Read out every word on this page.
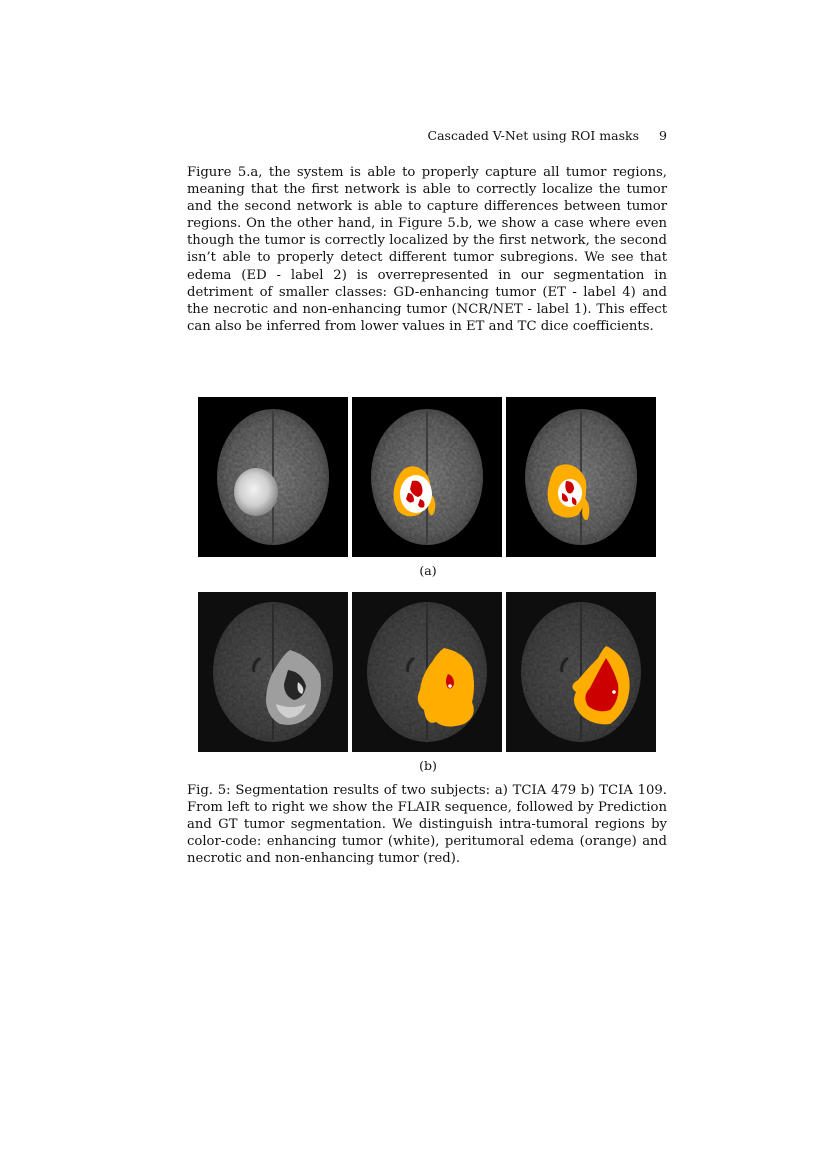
Cascaded V-Net using ROI masks 9

Figure 5.a, the system is able to properly capture all tumor regions, meaning that the first network is able to correctly localize the tumor and the second network is able to capture differences between tumor regions. On the other hand, in Figure 5.b, we show a case where even though the tumor is correctly localized by the first network, the second isn’t able to properly detect different tumor subregions. We see that edema (ED - label 2) is overrepresented in our segmentation in detriment of smaller classes: GD-enhancing tumor (ET - label 4) and the necrotic and non-enhancing tumor (NCR/NET - label 1). This effect can also be inferred from lower values in ET and TC dice coefficients.

(a)
(b)

Fig. 5: Segmentation results of two subjects: a) TCIA 479 b) TCIA 109. From left to right we show the FLAIR sequence, followed by Prediction and GT tumor segmentation. We distinguish intra-tumoral regions by color-code: enhancing tumor (white), peritumoral edema (orange) and necrotic and non-enhancing tumor (red).
